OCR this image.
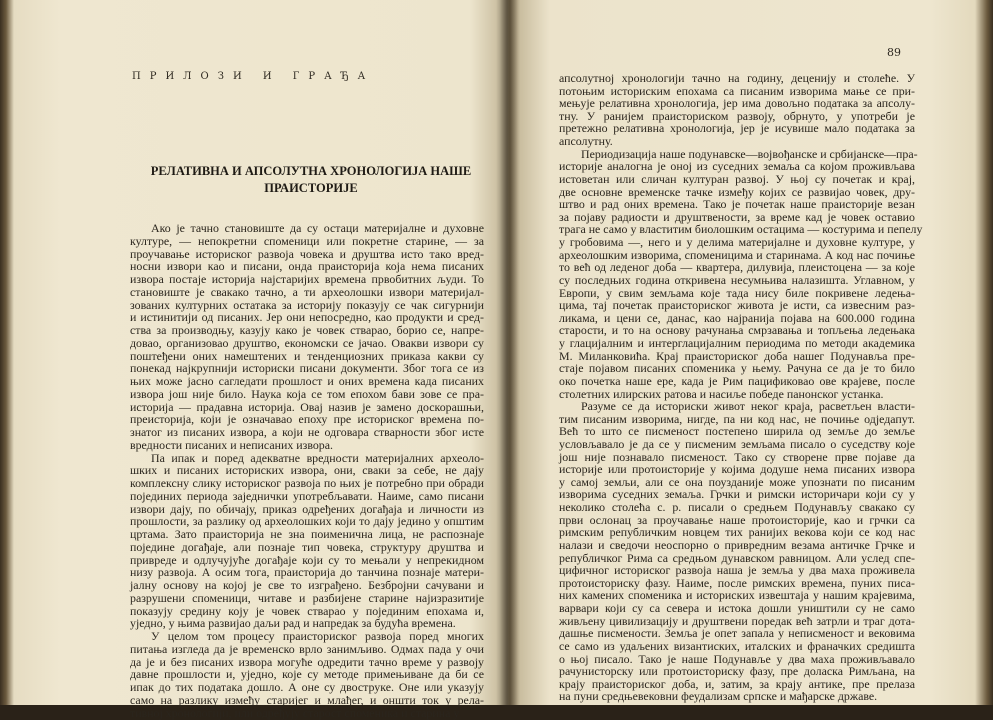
ПРИЛОЗИ И ГРАЂА
РЕЛАТИВНА И АПСОЛУТНА ХРОНОЛОГИЈА НАШЕ
ПРАИСТОРИЈЕ
Ако је тачно становиште да су остаци материјалне и духовне
културе, — непокретни споменици или покретне старине, — за
проучавање историског развоја човека и друштва исто тако вред-
носни извори као и писани, онда праисторија која нема писаних
извора постаје историја најстаријих времена првобитних људи. То
становиште је свакако тачно, а ти археолошки извори материјал-
зованих културних остатака за историју показују се чак сигурнији
и истинитији од писаних. Јер они непосредно, као продукти и сред-
ства за производњу, казују како је човек стварао, борио се, напре-
довао, организовао друштво, економски се јачао. Овакви извори су
поштеђени оних намештених и тенденциозних приказа какви су
понекад најкрупнији историски писани документи. Због тога се из
њих може јасно сагледати прошлост и оних времена када писаних
извора још није било. Наука која се том епохом бави зове се пра-
историја — прадавна историја. Овај назив је замено доскорашњи,
преисторија, који је означавао епоху пре историског времена по-
знатог из писаних извора, а који не одговара стварности због исте
вредности писаних и неписаних извора.
Па ипак и поред адекватне вредности материјалних археоло-
шких и писаних историских извора, они, сваки за себе, не дају
комплексну слику историског развоја по њих је потребно при обради
појединих периода заједнички употребљавати. Наиме, само писани
извори дају, по обичају, приказ одређених догађаја и личности из
прошлости, за разлику од археолошких који то дају једино у општим
цртама. Зато праисторија не зна поименична лица, не распознаје
поједине догађаје, али познаје тип човека, структуру друштва и
привреде и одлучујуће догађаје који су то мењали у непрекидном
низу развоја. А осим тога, праисторија до танчина познаје матери-
јалну основу на којој је све то изграђено. Безбројни сачувани и
разрушени споменици, читаве и разбијене старине најизразитије
показују средину коју је човек стварао у појединим епохама и,
уједно, у њима развијао даљи рад и напредак за будућа времена.
У целом том процесу праисториског развоја поред многих
питања изгледа да је временско врло занимљиво. Одмах пада у очи
да је и без писаних извора могуће одредити тачно време у развоју
давне прошлости и, уједно, које су методе примењиване да би се
ипак до тих података дошло. А оне су двоструке. Оне или указују
само на разлику између старијег и млађег, и оншти ток у рела-
тивној хронологији, или одређују старост споменика и старина у
89
апсолутној хронологији тачно на годину, деценију и столеће. У
потоњим историским епохама са писаним изворима мање се при-
мењује релативна хронологија, јер има довољно података за апсолу-
тну. У ранијем праисториском развоју, обрнуто, у употреби је
претежно релативна хронологија, јер је исувише мало података за
апсолутну.
Периодизација наше подунавске—војвођанске и србијанске—пра-
историје аналогна је оној из суседних земаља са којом проживљава
истоветан или сличан културан развој. У њој су почетак и крај,
две основне временске тачке између којих се развијао човек, дру-
штво и рад оних времена. Тако је почетак наше праисторије везан
за појаву радиости и друштвености, за време кад је човек оставио
трага не само у властитим биолошким остацима — костурима и пепелу
у гробовима —, него и у делима материјалне и духовне културе, у
археолошким изворима, споменицима и старинама. А код нас почиње
то већ од леденог доба — квартера, дилувија, плеистоцена — за које
су последњих година откривена несумњива налазишта. Углавном, у
Европи, у свим земљама које тада нису биле покривене ледења-
цима, тај почетак праисториског живота је исти, са извесним раз-
ликама, и цени се, данас, као најранија појава на 600.000 година
старости, и то на основу рачунања смрзавања и топљења ледењака
у глацијалним и интерглацијалним периодима по методи академика
М. Миланковића. Крај праисториског доба нашег Подунавља пре-
стаје појавом писаних споменика у њему. Рачуна се да је то било
око почетка наше ере, када је Рим пацификовао ове крајеве, после
столетних илирских ратова и насиље победе панонског устанка.
Разуме се да историски живот неког краја, расветљен власти-
тим писаним изворима, нигде, па ни код нас, не почиње одједапут.
Већ то што се писменост постепено ширила од земље до земље
условљавало је да се у писменим земљама писало о суседству које
још није познавало писменост. Тако су створене прве појаве да
историје или протоисторије у којима додуше нема писаних извора
у самој земљи, али се она поузданије може упознати по писаним
изворима суседних земаља. Грчки и римски историчари који су у
неколико столећа с. р. писали о средњем Подунављу свакако су
први ослонац за проучавање наше протоисторије, као и грчки са
римским републичким новцем тих ранијих векова који се код нас
налази и сведочи неоспорно о привредним везама античке Грчке и
републичког Рима са средњом дунавском равницом. Али услед спе-
цифичног историског развоја наша је земља у два маха проживела
протоисториску фазу. Наиме, после римских времена, пуних писа-
них камених споменика и историских извештаја у нашим крајевима,
варвари који су са севера и истока дошли уништили су не само
живљену цивилизацију и друштвени поредак већ затрли и траг дота-
дашње писмености. Земља је опет запала у неписменост и вековима
се само из удаљених византиских, италских и франачких средишта
о њој писало. Тако је наше Подунавље у два маха проживљавало
рачунисторску или протоисториску фазу, пре доласка Римљана, на
крају праисториског доба, и, затим, за крају антике, пре прелаза
на пуни средњевековни феудализам српске и мађарске државе.
